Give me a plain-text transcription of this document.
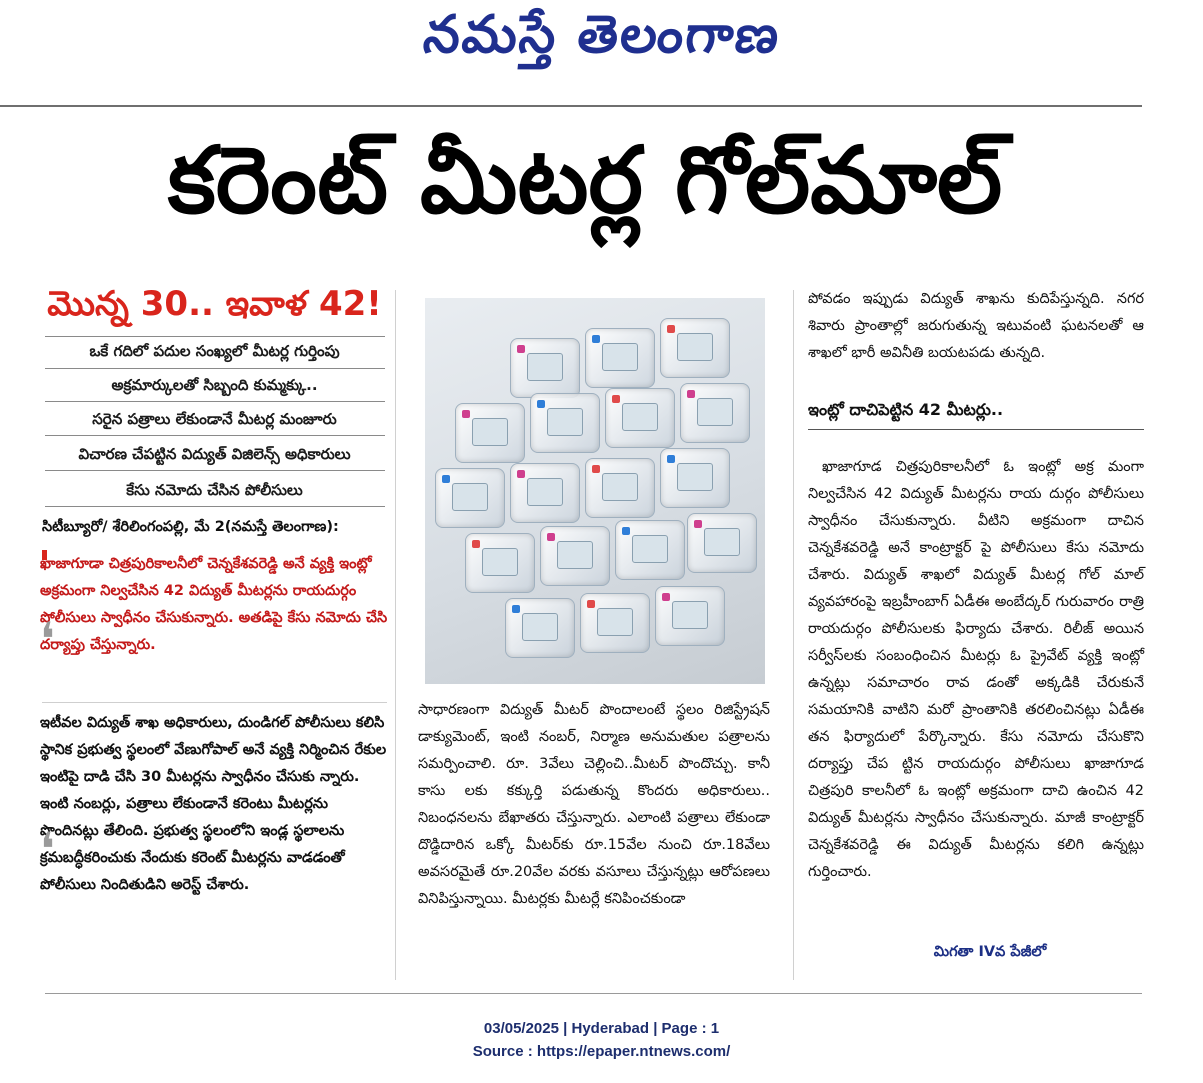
నమస్తే తెలంగాణ
కరెంట్ మీటర్ల గోల్‌మాల్
మొన్న 30.. ఇవాళ 42!
ఒకే గదిలో పదుల సంఖ్యలో మీటర్ల గుర్తింపు
అక్రమార్కులతో సిబ్బంది కుమ్మక్కు..
సరైన పత్రాలు లేకుండానే మీటర్ల మంజూరు
విచారణ చేపట్టిన విద్యుత్ విజిలెన్స్ అధికారులు
కేసు నమోదు చేసిన పోలీసులు
సిటీబ్యూరో/ శేరిలింగంపల్లి, మే 2(నమస్తే తెలంగాణ):
ఖాజాగూడా చిత్రపురికాలనీలో చెన్నకేశవరెడ్డి అనే వ్యక్తి ఇంట్లో అక్రమంగా నిల్వచేసిన 42 విద్యుత్ మీటర్లను రాయదుర్గం పోలీసులు స్వాధీనం చేసుకున్నారు. అతడిపై కేసు నమోదు చేసి దర్యాప్తు చేస్తున్నారు.
❛
ఇటీవల విద్యుత్ శాఖ అధికారులు, దుండిగల్ పోలీసులు కలిసి స్థానిక ప్రభుత్వ స్థలంలో వేణుగోపాల్ అనే వ్యక్తి నిర్మించిన రేకుల ఇంటిపై దాడి చేసి 30 మీటర్లను స్వాధీనం చేసుకు న్నారు. ఇంటి నంబర్లు, పత్రాలు లేకుండానే కరెంటు మీటర్లను పొందినట్లు తేలింది. ప్రభుత్వ స్థలంలోని ఇండ్ల స్థలాలను క్రమబద్ధీకరించుకు నేందుకు కరెంట్ మీటర్లను వాడడంతో పోలీసులు నిందితుడిని అరెస్ట్ చేశారు.
❛
సాధారణంగా విద్యుత్ మీటర్ పొందాలంటే స్థలం రిజిస్ట్రేషన్ డాక్యుమెంట్, ఇంటి నంబర్, నిర్మాణ అనుమతుల పత్రాలను సమర్పించాలి. రూ. 3వేలు చెల్లించి..మీటర్ పొందొచ్చు. కానీ కాసు లకు కక్కుర్తి పడుతున్న కొందరు అధికారులు.. నిబంధనలను బేఖాతరు చేస్తున్నారు. ఎలాంటి పత్రాలు లేకుండా దొడ్డిదారిన ఒక్కో మీటర్‌కు రూ.15వేల నుంచి రూ.18వేలు అవసరమైతే రూ.20వేల వరకు వసూలు చేస్తున్నట్లు ఆరోపణలు వినిపిస్తున్నాయి. మీటర్లకు మీటర్లే కనిపించకుండా
పోవడం ఇప్పుడు విద్యుత్ శాఖను కుదిపేస్తున్నది. నగర శివారు ప్రాంతాల్లో జరుగుతున్న ఇటువంటి ఘటనలతో ఆ శాఖలో భారీ అవినీతి బయటపడు తున్నది.
ఇంట్లో దాచిపెట్టిన 42 మీటర్లు..
ఖాజాగూడ చిత్రపురికాలనీలో ఓ ఇంట్లో అక్ర మంగా నిల్వచేసిన 42 విద్యుత్ మీటర్లను రాయ దుర్గం పోలీసులు స్వాధీనం చేసుకున్నారు. వీటిని అక్రమంగా దాచిన చెన్నకేశవరెడ్డి అనే కాంట్రాక్టర్ పై పోలీసులు కేసు నమోదు చేశారు. విద్యుత్ శాఖలో విద్యుత్ మీటర్ల గోల్ మాల్ వ్యవహారంపై ఇబ్రహీంబాగ్ ఏడీఈ అంబేద్కర్ గురువారం రాత్రి రాయదుర్గం పోలీసులకు ఫిర్యాదు చేశారు. రిలీజ్ అయిన సర్వీస్‌లకు సంబంధించిన మీటర్లు ఓ ప్రైవేట్ వ్యక్తి ఇంట్లో ఉన్నట్లు సమాచారం రావ డంతో అక్కడికి చేరుకునే సమయానికి వాటిని మరో ప్రాంతానికి తరలించినట్లు ఏడీఈ తన ఫిర్యాదులో పేర్కొన్నారు. కేసు నమోదు చేసుకొని దర్యాప్తు చేప ట్టిన రాయదుర్గం పోలీసులు ఖాజాగూడ చిత్రపురి కాలనీలో ఓ ఇంట్లో అక్రమంగా దాచి ఉంచిన 42 విద్యుత్ మీటర్లను స్వాధీనం చేసుకున్నారు. మాజీ కాంట్రాక్టర్ చెన్నకేశవరెడ్డి ఈ విద్యుత్ మీటర్లను కలిగి ఉన్నట్లు గుర్తించారు.
మిగతా IVవ పేజీలో
03/05/2025 | Hyderabad | Page : 1
Source : https://epaper.ntnews.com/
